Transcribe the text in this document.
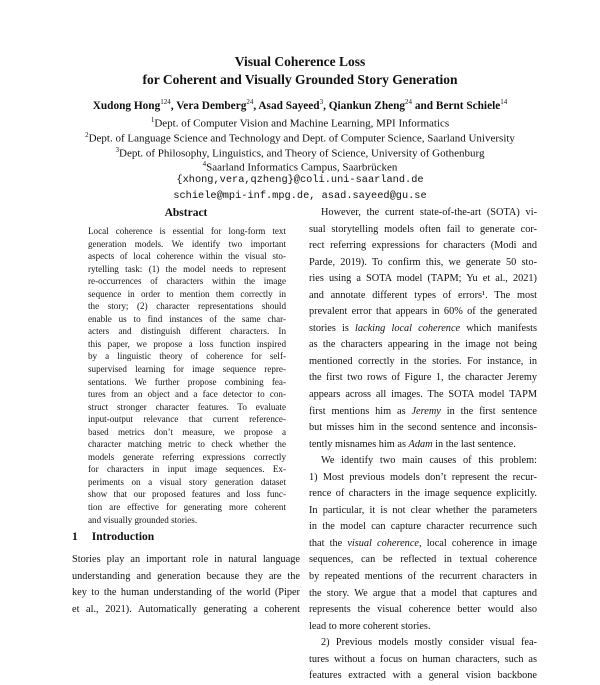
Visual Coherence Loss
for Coherent and Visually Grounded Story Generation
Xudong Hong$^{124}$, Vera Demberg$^{24}$, Asad Sayeed$^3$, Qiankun Zheng$^{24}$ and Bernt Schiele$^{14}$
$^1$Dept. of Computer Vision and Machine Learning, MPI Informatics
$^2$Dept. of Language Science and Technology and Dept. of Computer Science, Saarland University
$^3$Dept. of Philosophy, Linguistics, and Theory of Science, University of Gothenburg
$^4$Saarland Informatics Campus, Saarbrücken
{xhong,vera,qzheng}@coli.uni-saarland.de
schiele@mpi-inf.mpg.de, asad.sayeed@gu.se
Abstract
Local coherence is essential for long-form text
generation models. We identify two important
aspects of local coherence within the visual sto-
rytelling task: (1) the model needs to represent
re-occurrences of characters within the image
sequence in order to mention them correctly in
the story; (2) character representations should
enable us to find instances of the same char-
acters and distinguish different characters. In
this paper, we propose a loss function inspired
by a linguistic theory of coherence for self-
supervised learning for image sequence repre-
sentations. We further propose combining fea-
tures from an object and a face detector to con-
struct stronger character features. To evaluate
input-output relevance that current reference-
based metrics don’t measure, we propose a
character matching metric to check whether the
models generate referring expressions correctly
for characters in input image sequences. Ex-
periments on a visual story generation dataset
show that our proposed features and loss func-
tion are effective for generating more coherent
and visually grounded stories.
1 Introduction
Stories play an important role in natural language
understanding and generation because they are the
key to the human understanding of the world (Piper
et al., 2021). Automatically generating a coherent
However, the current state-of-the-art (SOTA) vi-
sual storytelling models often fail to generate cor-
rect referring expressions for characters (Modi and
Parde, 2019). To confirm this, we generate 50 sto-
ries using a SOTA model (TAPM; Yu et al., 2021)
and annotate different types of errors¹. The most
prevalent error that appears in 60% of the generated
stories is lacking local coherence which manifests
as the characters appearing in the image not being
mentioned correctly in the stories. For instance, in
the first two rows of Figure 1, the character Jeremy
appears across all images. The SOTA model TAPM
first mentions him as Jeremy in the first sentence
but misses him in the second sentence and inconsis-
tently misnames him as Adam in the last sentence.
We identify two main causes of this problem:
1) Most previous models don’t represent the recur-
rence of characters in the image sequence explicitly.
In particular, it is not clear whether the parameters
in the model can capture character recurrence such
that the visual coherence, local coherence in image
sequences, can be reflected in textual coherence
by repeated mentions of the recurrent characters in
the story. We argue that a model that captures and
represents the visual coherence better would also
lead to more coherent stories.
2) Previous models mostly consider visual fea-
tures without a focus on human characters, such as
features extracted with a general vision backbone
